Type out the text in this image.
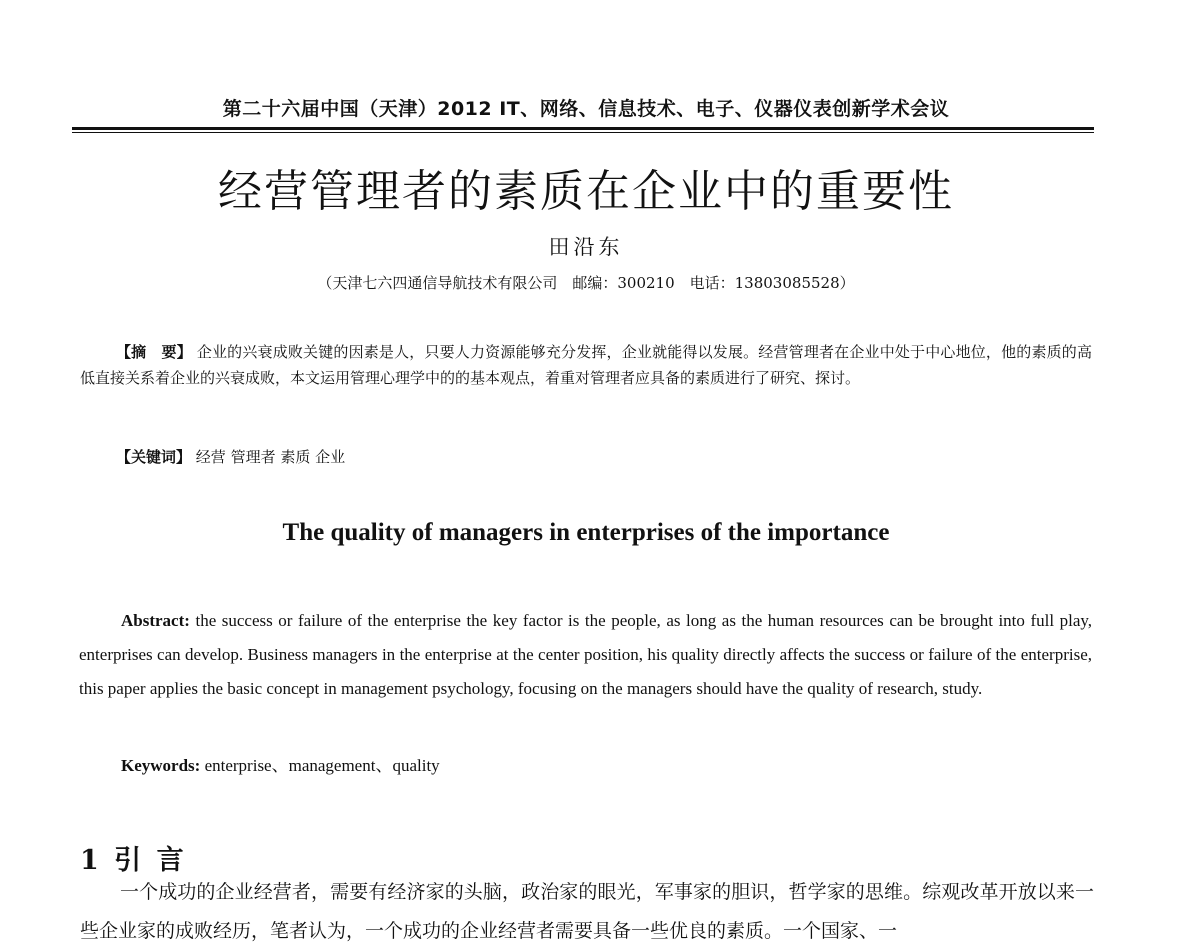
第二十六届中国（天津）2012 IT、网络、信息技术、电子、仪器仪表创新学术会议
经营管理者的素质在企业中的重要性
田沿东
（天津七六四通信导航技术有限公司　邮编：300210　电话：13803085528）
【摘　要】 企业的兴衰成败关键的因素是人，只要人力资源能够充分发挥，企业就能得以发展。经营管理者在企业中处于中心地位，他的素质的高低直接关系着企业的兴衰成败，本文运用管理心理学中的的基本观点，着重对管理者应具备的素质进行了研究、探讨。
【关键词】 经营 管理者 素质 企业
The quality of managers in enterprises of the importance
Abstract: the success or failure of the enterprise the key factor is the people, as long as the human resources can be brought into full play, enterprises can develop. Business managers in the enterprise at the center position, his quality directly affects the success or failure of the enterprise, this paper applies the basic concept in management psychology, focusing on the managers should have the quality of research, study.
Keywords: enterprise、management、quality
1 引 言
一个成功的企业经营者，需要有经济家的头脑，政治家的眼光，军事家的胆识，哲学家的思维。综观改革开放以来一些企业家的成败经历，笔者认为，一个成功的企业经营者需要具备一些优良的素质。一个国家、一
